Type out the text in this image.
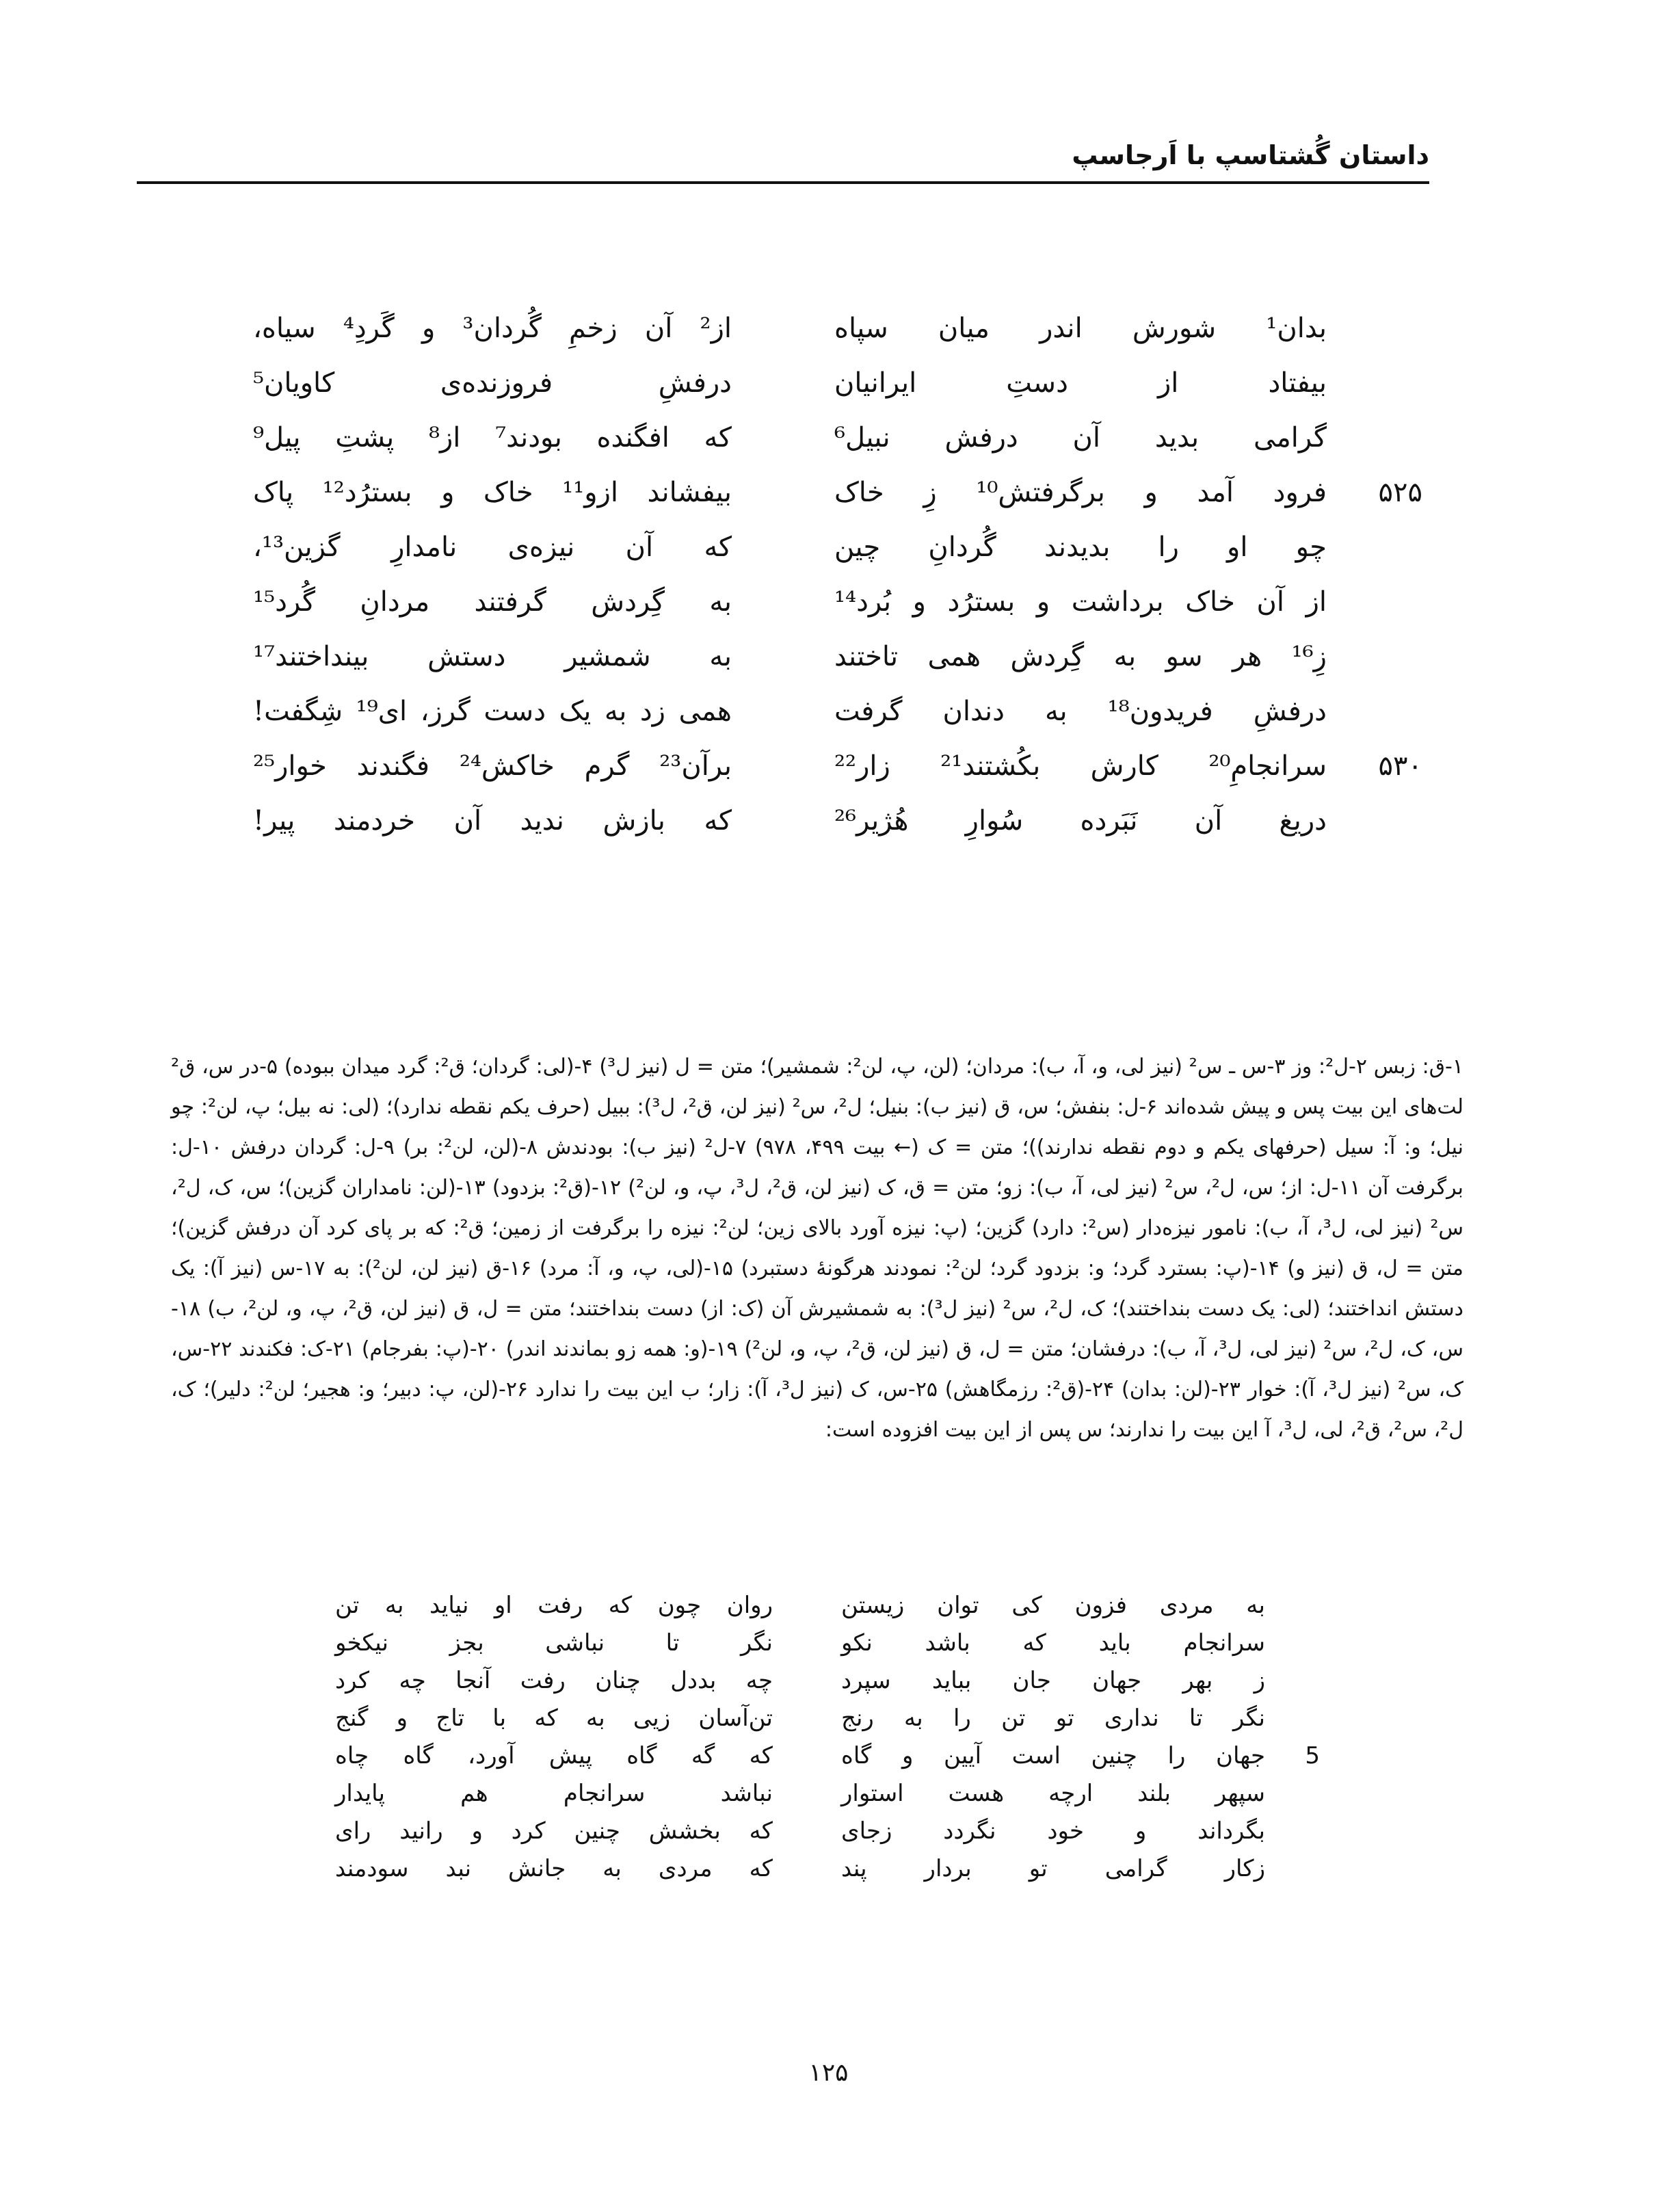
داستان گُشتاسپ با اَرجاسپ
بدان¹ شورش اندر میان سپاه
از² آن زخمِ گُردان³ و گَردِ⁴ سیاه،
بیفتاد از دستِ ایرانیان
درفشِ فروزنده‌ی کاویان⁵
گرامی بدید آن درفش نبیل⁶
که افگنده بودند⁷ از⁸ پشتِ پیل⁹
۵۲۵
فرود آمد و برگرفتش¹⁰ زِ خاک
بیفشاند ازو¹¹ خاک و بسترُد¹² پاک
چو او را بدیدند گُردانِ چین
که آن نیزه‌ی نامدارِ گزین¹³،
از آن خاک برداشت و بسترُد و بُرد¹⁴
به گِردش گرفتند مردانِ گُرد¹⁵
زِ¹⁶ هر سو به گِردش همی تاختند
به شمشیر دستش بینداختند¹⁷
درفشِ فریدون¹⁸ به دندان گرفت
همی زد به یک دست گرز، ای¹⁹ شِگفت!
۵۳۰
سرانجامِ²⁰ کارش بکُشتند²¹ زار²²
برآن²³ گرم خاکش²⁴ فگندند خوار²⁵
دریغ آن نَبَرده سُوارِ هُژیر²⁶
که بازش ندید آن خردمند پیر!

۱-ق: زبس ۲-ل²: وز ۳-س ـ س² (نیز لی، و، آ، ب): مردان؛ (لن، پ، لن²: شمشیر)؛ متن = ل (نیز ل³) ۴-(لی: گردان؛ ق²: گرد میدان ببوده) ۵-در س، ق² لت‌های این بیت پس و پیش شده‌اند ۶-ل: بنفش؛ س، ق (نیز ب): بنیل؛ ل²، س² (نیز لن، ق²، ل³): ببیل (حرف یکم نقطه ندارد)؛ (لی: نه بیل؛ پ، لن²: چو نیل؛ و: آ: سیل (حرفهای یکم و دوم نقطه ندارند))؛ متن = ک (← بیت ۴۹۹، ۹۷۸) ۷-ل² (نیز ب): بودندش ۸-(لن، لن²: بر) ۹-ل: گردان درفش ۱۰-ل: برگرفت آن ۱۱-ل: از؛ س، ل²، س² (نیز لی، آ، ب): زو؛ متن = ق، ک (نیز لن، ق²، ل³، پ، و، لن²) ۱۲-(ق²: بزدود) ۱۳-(لن: نامداران گزین)؛ س، ک، ل²، س² (نیز لی، ل³، آ، ب): نامور نیزه‌دار (س²: دارد) گزین؛ (پ: نیزه آورد بالای زین؛ لن²: نیزه را برگرفت از زمین؛ ق²: که بر پای کرد آن درفش گزین)؛ متن = ل، ق (نیز و) ۱۴-(پ: بسترد گرد؛ و: بزدود گرد؛ لن²: نمودند هرگونهٔ دستبرد) ۱۵-(لی، پ، و، آ: مرد) ۱۶-ق (نیز لن، لن²): به ۱۷-س (نیز آ): یک دستش انداختند؛ (لی: یک دست بنداختند)؛ ک، ل²، س² (نیز ل³): به شمشیرش آن (ک: از) دست بنداختند؛ متن = ل، ق (نیز لن، ق²، پ، و، لن²، ب) ۱۸-س، ک، ل²، س² (نیز لی، ل³، آ، ب): درفشان؛ متن = ل، ق (نیز لن، ق²، پ، و، لن²) ۱۹-(و: همه زو بماندند اندر) ۲۰-(پ: بفرجام) ۲۱-ک: فکندند ۲۲-س، ک، س² (نیز ل³، آ): خوار ۲۳-(لن: بدان) ۲۴-(ق²: رزمگاهش) ۲۵-س، ک (نیز ل³، آ): زار؛ ب این بیت را ندارد ۲۶-(لن، پ: دبیر؛ و: هجیر؛ لن²: دلیر)؛ ک، ل²، س²، ق²، لی، ل³، آ این بیت را ندارند؛ س پس از این بیت افزوده است:

به مردی فزون کی توان زیستن
روان چون که رفت او نیاید به تن
سرانجام باید که باشد نکو
نگر تا نباشی بجز نیکخو
ز بهر جهان جان بباید سپرد
چه بددل چنان رفت آنجا چه کرد
نگر تا نداری تو تن را به رنج
تن‌آسان زیی به که با تاج و گنج
5
جهان را چنین است آیین و گاه
که گه گاه پیش آورد، گاه چاه
سپهر بلند ارچه هست استوار
نباشد سرانجام هم پایدار
بگرداند و خود نگردد زجای
که بخشش چنین کرد و رانید رای
زکار گرامی تو بردار پند
که مردی به جانش نبد سودمند
۱۲۵
